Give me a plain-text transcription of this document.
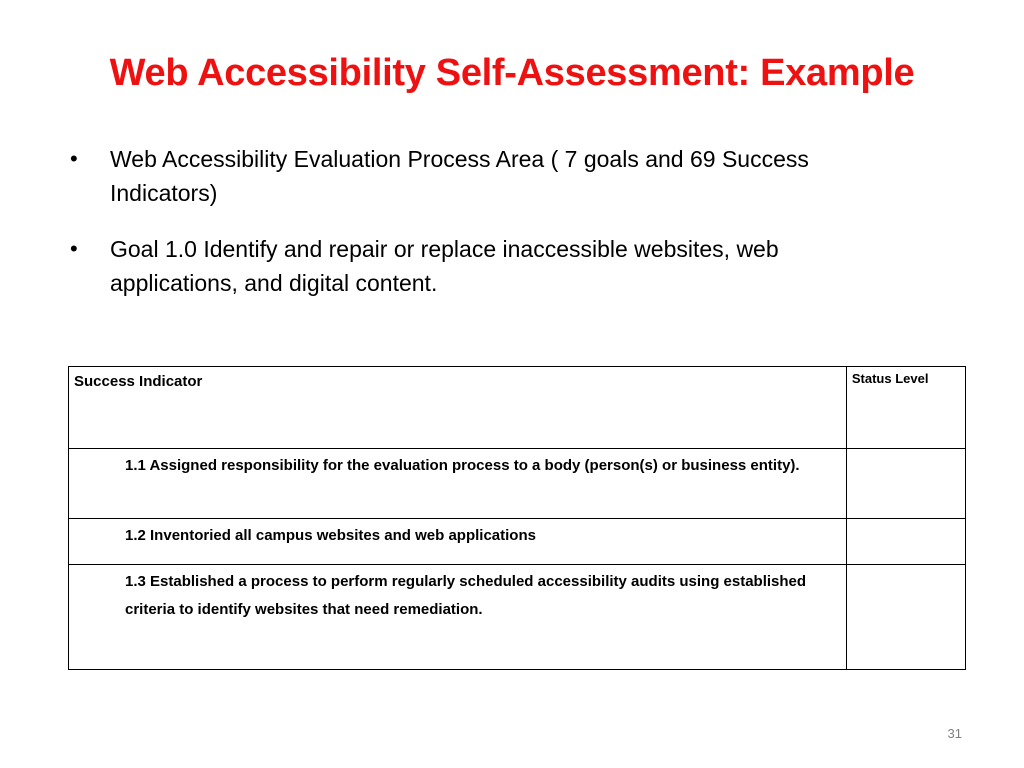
Web Accessibility Self-Assessment: Example
• Web Accessibility Evaluation Process Area ( 7 goals and 69 Success Indicators)
• Goal 1.0 Identify and repair or replace inaccessible websites, web applications, and digital content.
Success Indicator	Status Level
1.1 Assigned responsibility for the evaluation process to a body (person(s) or business entity).	
1.2 Inventoried all campus websites and web applications	
1.3 Established a process to perform regularly scheduled accessibility audits using established criteria to identify websites that need remediation.	
31
